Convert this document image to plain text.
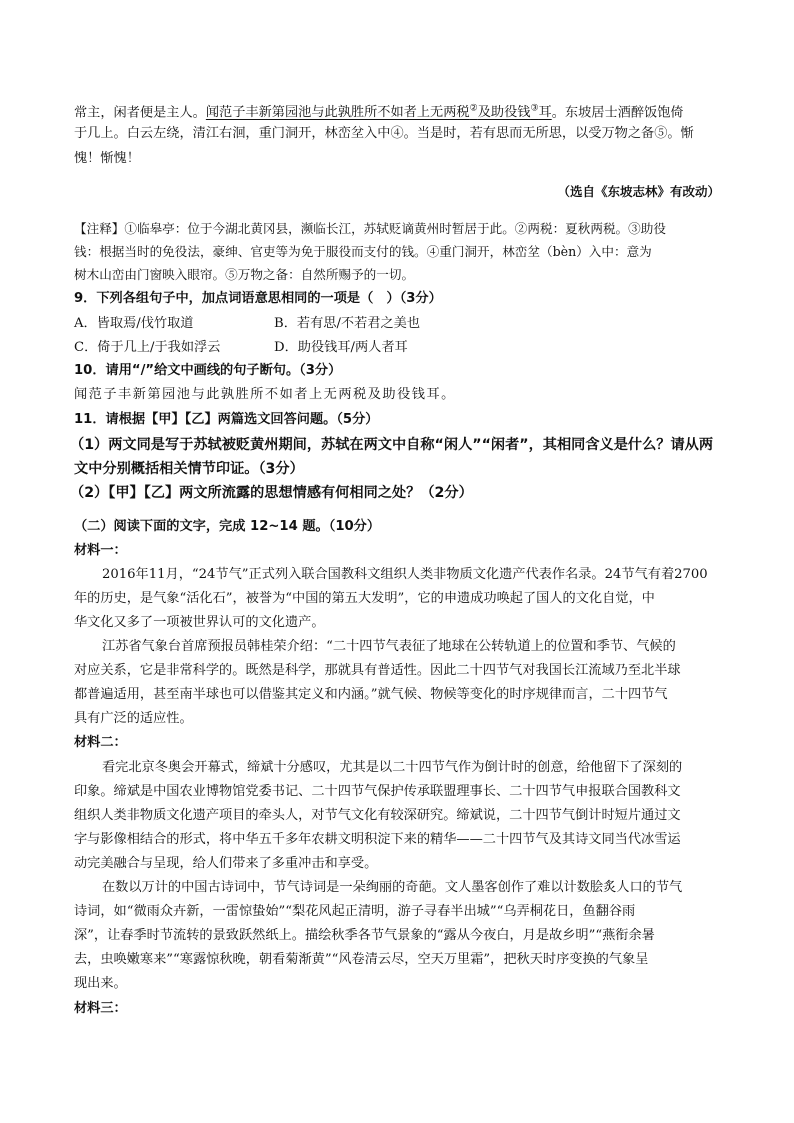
常主，闲者便是主人。闻范子丰新第园池与此孰胜所不如者上无两税②及助役钱③耳。东坡居士酒醉饭饱倚
于几上。白云左绕，清江右洄，重门洞开，林峦坌入中④。当是时，若有思而无所思，以受万物之备⑤。惭
愧！惭愧！
（选自《东坡志林》有改动）
【注释】①临皋亭：位于今湖北黄冈县，濒临长江，苏轼贬谪黄州时暂居于此。②两税：夏秋两税。③助役
钱：根据当时的免役法，豪绅、官吏等为免于服役而支付的钱。④重门洞开，林峦坌（bèn）入中：意为
树木山峦由门窗映入眼帘。⑤万物之备：自然所赐予的一切。
9．下列各组句子中，加点词语意思相同的一项是（　）（3分）
A．皆取焉/伐竹取道	B．若有思/不若君之美也
C．倚于几上/于我如浮云	D．助役钱耳/两人者耳
10．请用“/”给文中画线的句子断句。（3分）
闻范子丰新第园池与此孰胜所不如者上无两税及助役钱耳。
11．请根据【甲】【乙】两篇选文回答问题。（5分）
（1）两文同是写于苏轼被贬黄州期间，苏轼在两文中自称“闲人”“闲者”，其相同含义是什么？请从两
文中分别概括相关情节印证。（3分）
（2）【甲】【乙】两文所流露的思想情感有何相同之处？（2分）
（二）阅读下面的文字，完成 12~14 题。（10分）
材料一：
2016年11月，“24节气”正式列入联合国教科文组织人类非物质文化遗产代表作名录。24节气有着2700
年的历史，是气象“活化石”，被誉为“中国的第五大发明”，它的申遗成功唤起了国人的文化自觉，中
华文化又多了一项被世界认可的文化遗产。
江苏省气象台首席预报员韩桂荣介绍：“二十四节气表征了地球在公转轨道上的位置和季节、气候的
对应关系，它是非常科学的。既然是科学，那就具有普适性。因此二十四节气对我国长江流域乃至北半球
都普遍适用，甚至南半球也可以借鉴其定义和内涵。”就气候、物候等变化的时序规律而言，二十四节气
具有广泛的适应性。
材料二：
看完北京冬奥会开幕式，缔斌十分感叹，尤其是以二十四节气作为倒计时的创意，给他留下了深刻的
印象。缔斌是中国农业博物馆党委书记、二十四节气保护传承联盟理事长、二十四节气申报联合国教科文
组织人类非物质文化遗产项目的牵头人，对节气文化有较深研究。缔斌说，二十四节气倒计时短片通过文
字与影像相结合的形式，将中华五千多年农耕文明积淀下来的精华——二十四节气及其诗文同当代冰雪运
动完美融合与呈现，给人们带来了多重冲击和享受。
在数以万计的中国古诗词中，节气诗词是一朵绚丽的奇葩。文人墨客创作了难以计数脍炙人口的节气
诗词，如“微雨众卉新，一雷惊蛰始”“梨花风起正清明，游子寻春半出城”“乌弄桐花日，鱼翻谷雨
深”，让春季时节流转的景致跃然纸上。描绘秋季各节气景象的“露从今夜白，月是故乡明”“燕衔余暑
去，虫唤嫩寒来”“寒露惊秋晚，朝看菊渐黄”“风卷清云尽，空天万里霜”，把秋天时序变换的气象呈
现出来。
材料三：
